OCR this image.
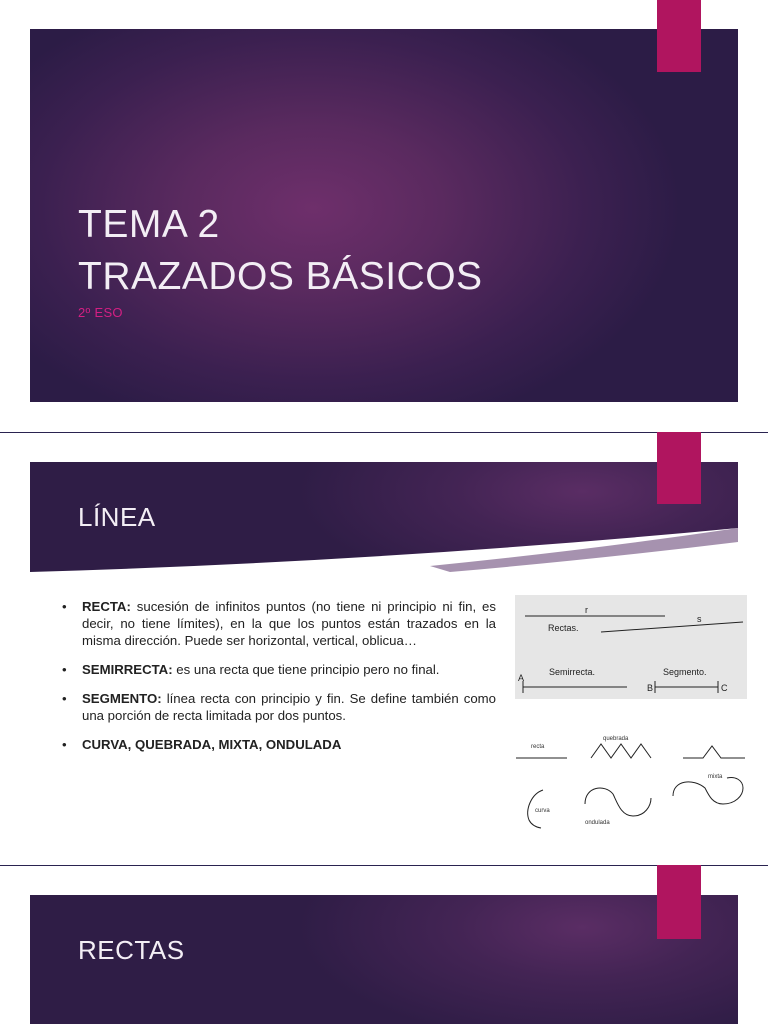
TEMA 2
TRAZADOS BÁSICOS
2º ESO
LÍNEA
• RECTA: sucesión de infinitos puntos (no tiene ni principio ni fin, es decir, no tiene límites), en la que los puntos están trazados en la misma dirección. Puede ser horizontal, vertical, oblicua…
• SEMIRRECTA: es una recta que tiene principio pero no final.
• SEGMENTO: línea recta con principio y fin. Se define también como una porción de recta limitada por dos puntos.
• CURVA, QUEBRADA, MIXTA, ONDULADA
r
Rectas.
s
Semirrecta.	Segmento.
A
B	C
recta
quebrada
mixta
curva
ondulada
RECTAS
